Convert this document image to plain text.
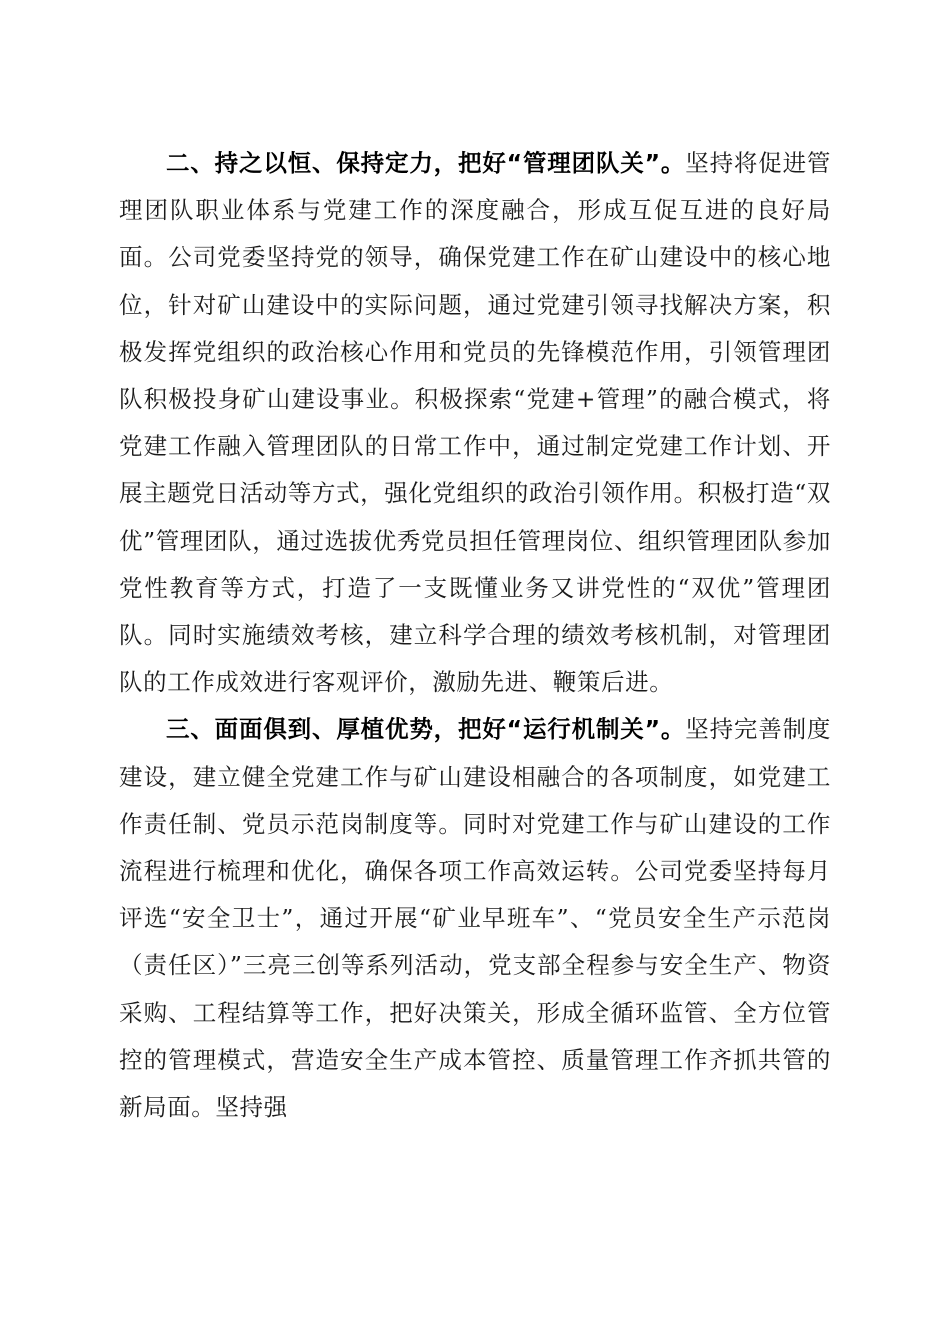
二、持之以恒、保持定力，把好“管理团队关”。坚持将促进管理团队职业体系与党建工作的深度融合，形成互促互进的良好局面。公司党委坚持党的领导，确保党建工作在矿山建设中的核心地位，针对矿山建设中的实际问题，通过党建引领寻找解决方案，积极发挥党组织的政治核心作用和党员的先锋模范作用，引领管理团队积极投身矿山建设事业。积极探索“党建+管理”的融合模式，将党建工作融入管理团队的日常工作中，通过制定党建工作计划、开展主题党日活动等方式，强化党组织的政治引领作用。积极打造“双优”管理团队，通过选拔优秀党员担任管理岗位、组织管理团队参加党性教育等方式，打造了一支既懂业务又讲党性的“双优”管理团队。同时实施绩效考核，建立科学合理的绩效考核机制，对管理团队的工作成效进行客观评价，激励先进、鞭策后进。

三、面面俱到、厚植优势，把好“运行机制关”。坚持完善制度建设，建立健全党建工作与矿山建设相融合的各项制度，如党建工作责任制、党员示范岗制度等。同时对党建工作与矿山建设的工作流程进行梳理和优化，确保各项工作高效运转。公司党委坚持每月评选“安全卫士”，通过开展“矿业早班车”、“党员安全生产示范岗（责任区）”三亮三创等系列活动，党支部全程参与安全生产、物资采购、工程结算等工作，把好决策关，形成全循环监管、全方位管控的管理模式，营造安全生产成本管控、质量管理工作齐抓共管的新局面。坚持强
